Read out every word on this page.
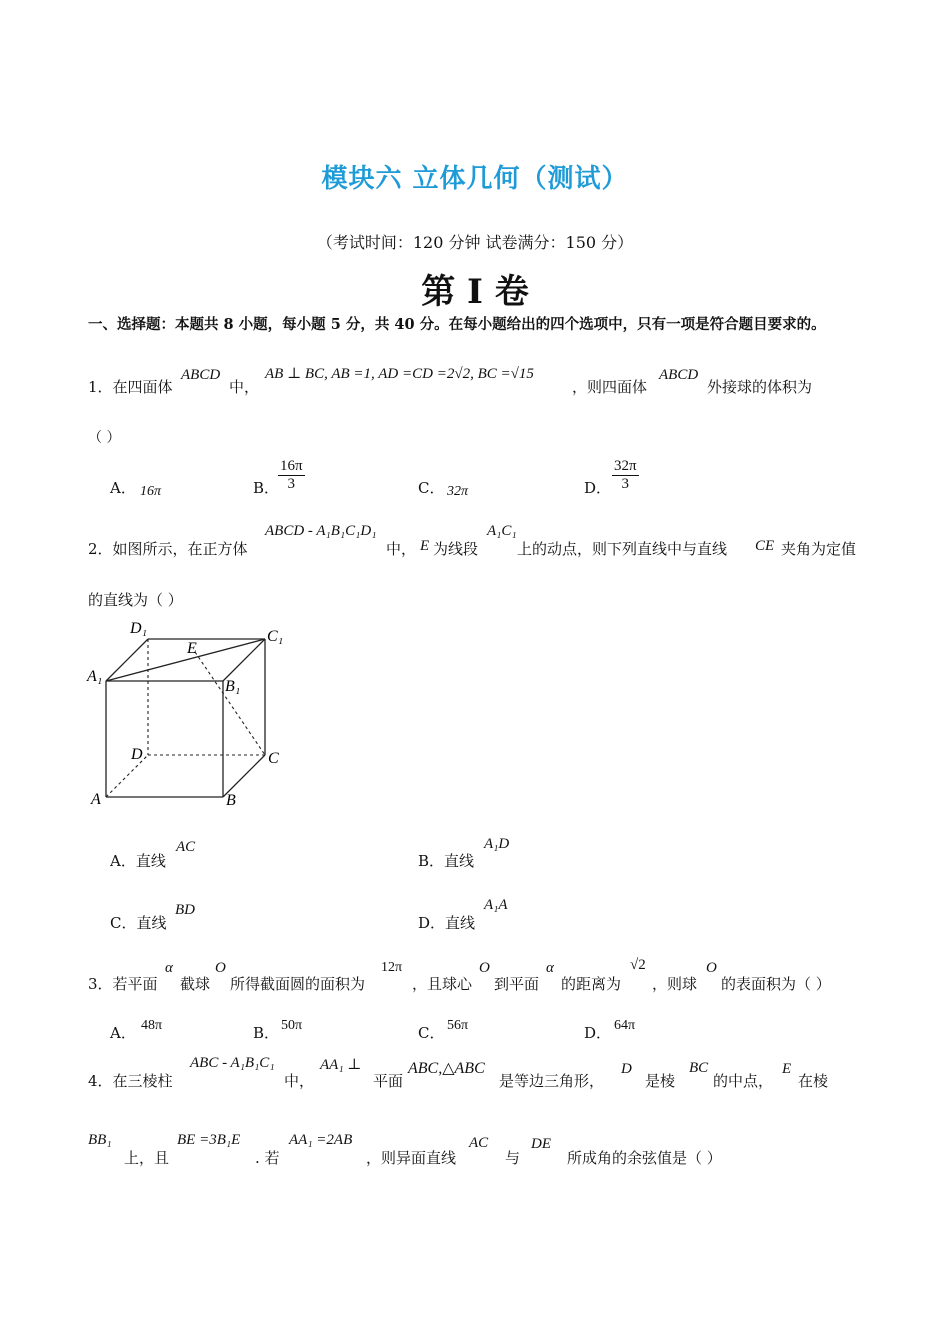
模块六 立体几何（测试）
（考试时间：120 分钟 试卷满分：150 分）
第 I 卷
一、选择题：本题共 8 小题，每小题 5 分，共 40 分。在每小题给出的四个选项中，只有一项是符合题目要求的。
1．在四面体
ABCD
中，
AB ⊥ BC, AB =1, AD =CD =2√2, BC =√15
，则四面体
ABCD
外接球的体积为
（ ）
A． 16π	B．
$\frac{16\pi}{3}$	C． 32π	D． $\frac{32\pi}{3}$
2．如图所示，在正方体
ABCD - A₁B₁C₁D₁
中， E 为线段
A₁C₁
上的动点，则下列直线中与直线 CE 夹角为定值
的直线为（ ）
D₁	C₁
E
A₁
B₁
D	C
A	B
A．直线
AC
B．直线
A₁D
C．直线
BD
D．直线
A₁A
3．若平面
α
截球
O
所得截面圆的面积为
12π
，且球心
O
到平面
α
的距离为
√2
，则球
O
的表面积为（ ）
A． 48π	B． 50π	C． 56π	D． 64π
4．在三棱柱
ABC - A₁B₁C₁
中，
AA₁ ⊥
平面
ABC,△ABC
是等边三角形，
D
是棱
BC
的中点，
E
在棱
BB₁
上，且
BE =3B₁E
. 若
AA₁ =2AB
，则异面直线
AC
与
DE
所成角的余弦值是（ ）
